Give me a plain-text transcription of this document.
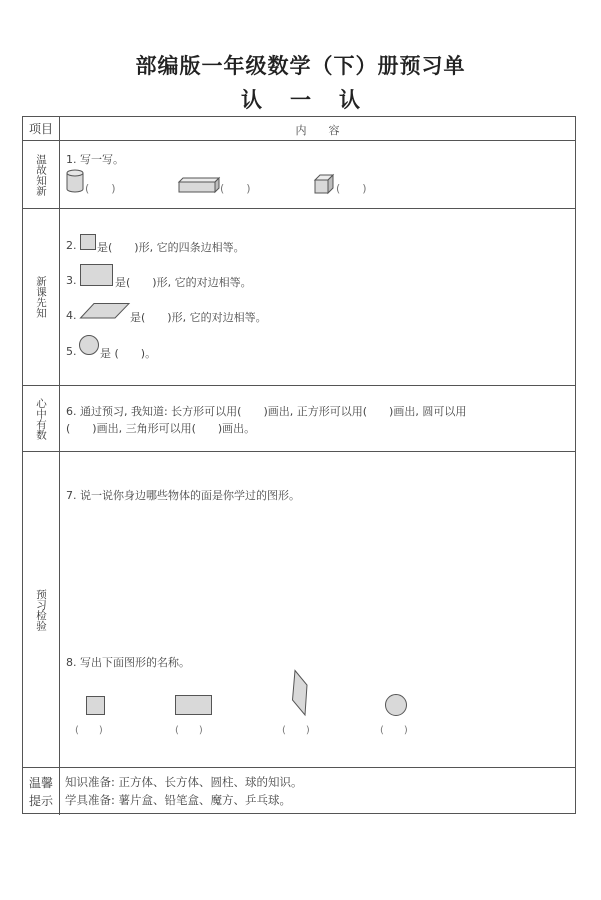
部编版一年级数学（下）册预习单
认 一 认
项目	内　　容
温故知新 1. 写一写。
(　　)	(　　)	(　　)
新课先知
2. 是(　　)形, 它的四条边相等。
3.	是(　　)形, 它的对边相等。
4.	是(　　)形, 它的对边相等。
5. 是 (　　)。
心中有数 6. 通过预习, 我知道: 长方形可以用(　　)画出, 正方形可以用(　　)画出, 圆可以用
(　　)画出, 三角形可以用(　　)画出。
预习检验
7. 说一说你身边哪些物体的面是你学过的图形。
8. 写出下面图形的名称。
(　　)	(　　)	(　　)	(　　)
温馨提示
知识准备: 正方体、长方体、圆柱、球的知识。
学具准备: 薯片盒、铅笔盒、魔方、乒乓球。
